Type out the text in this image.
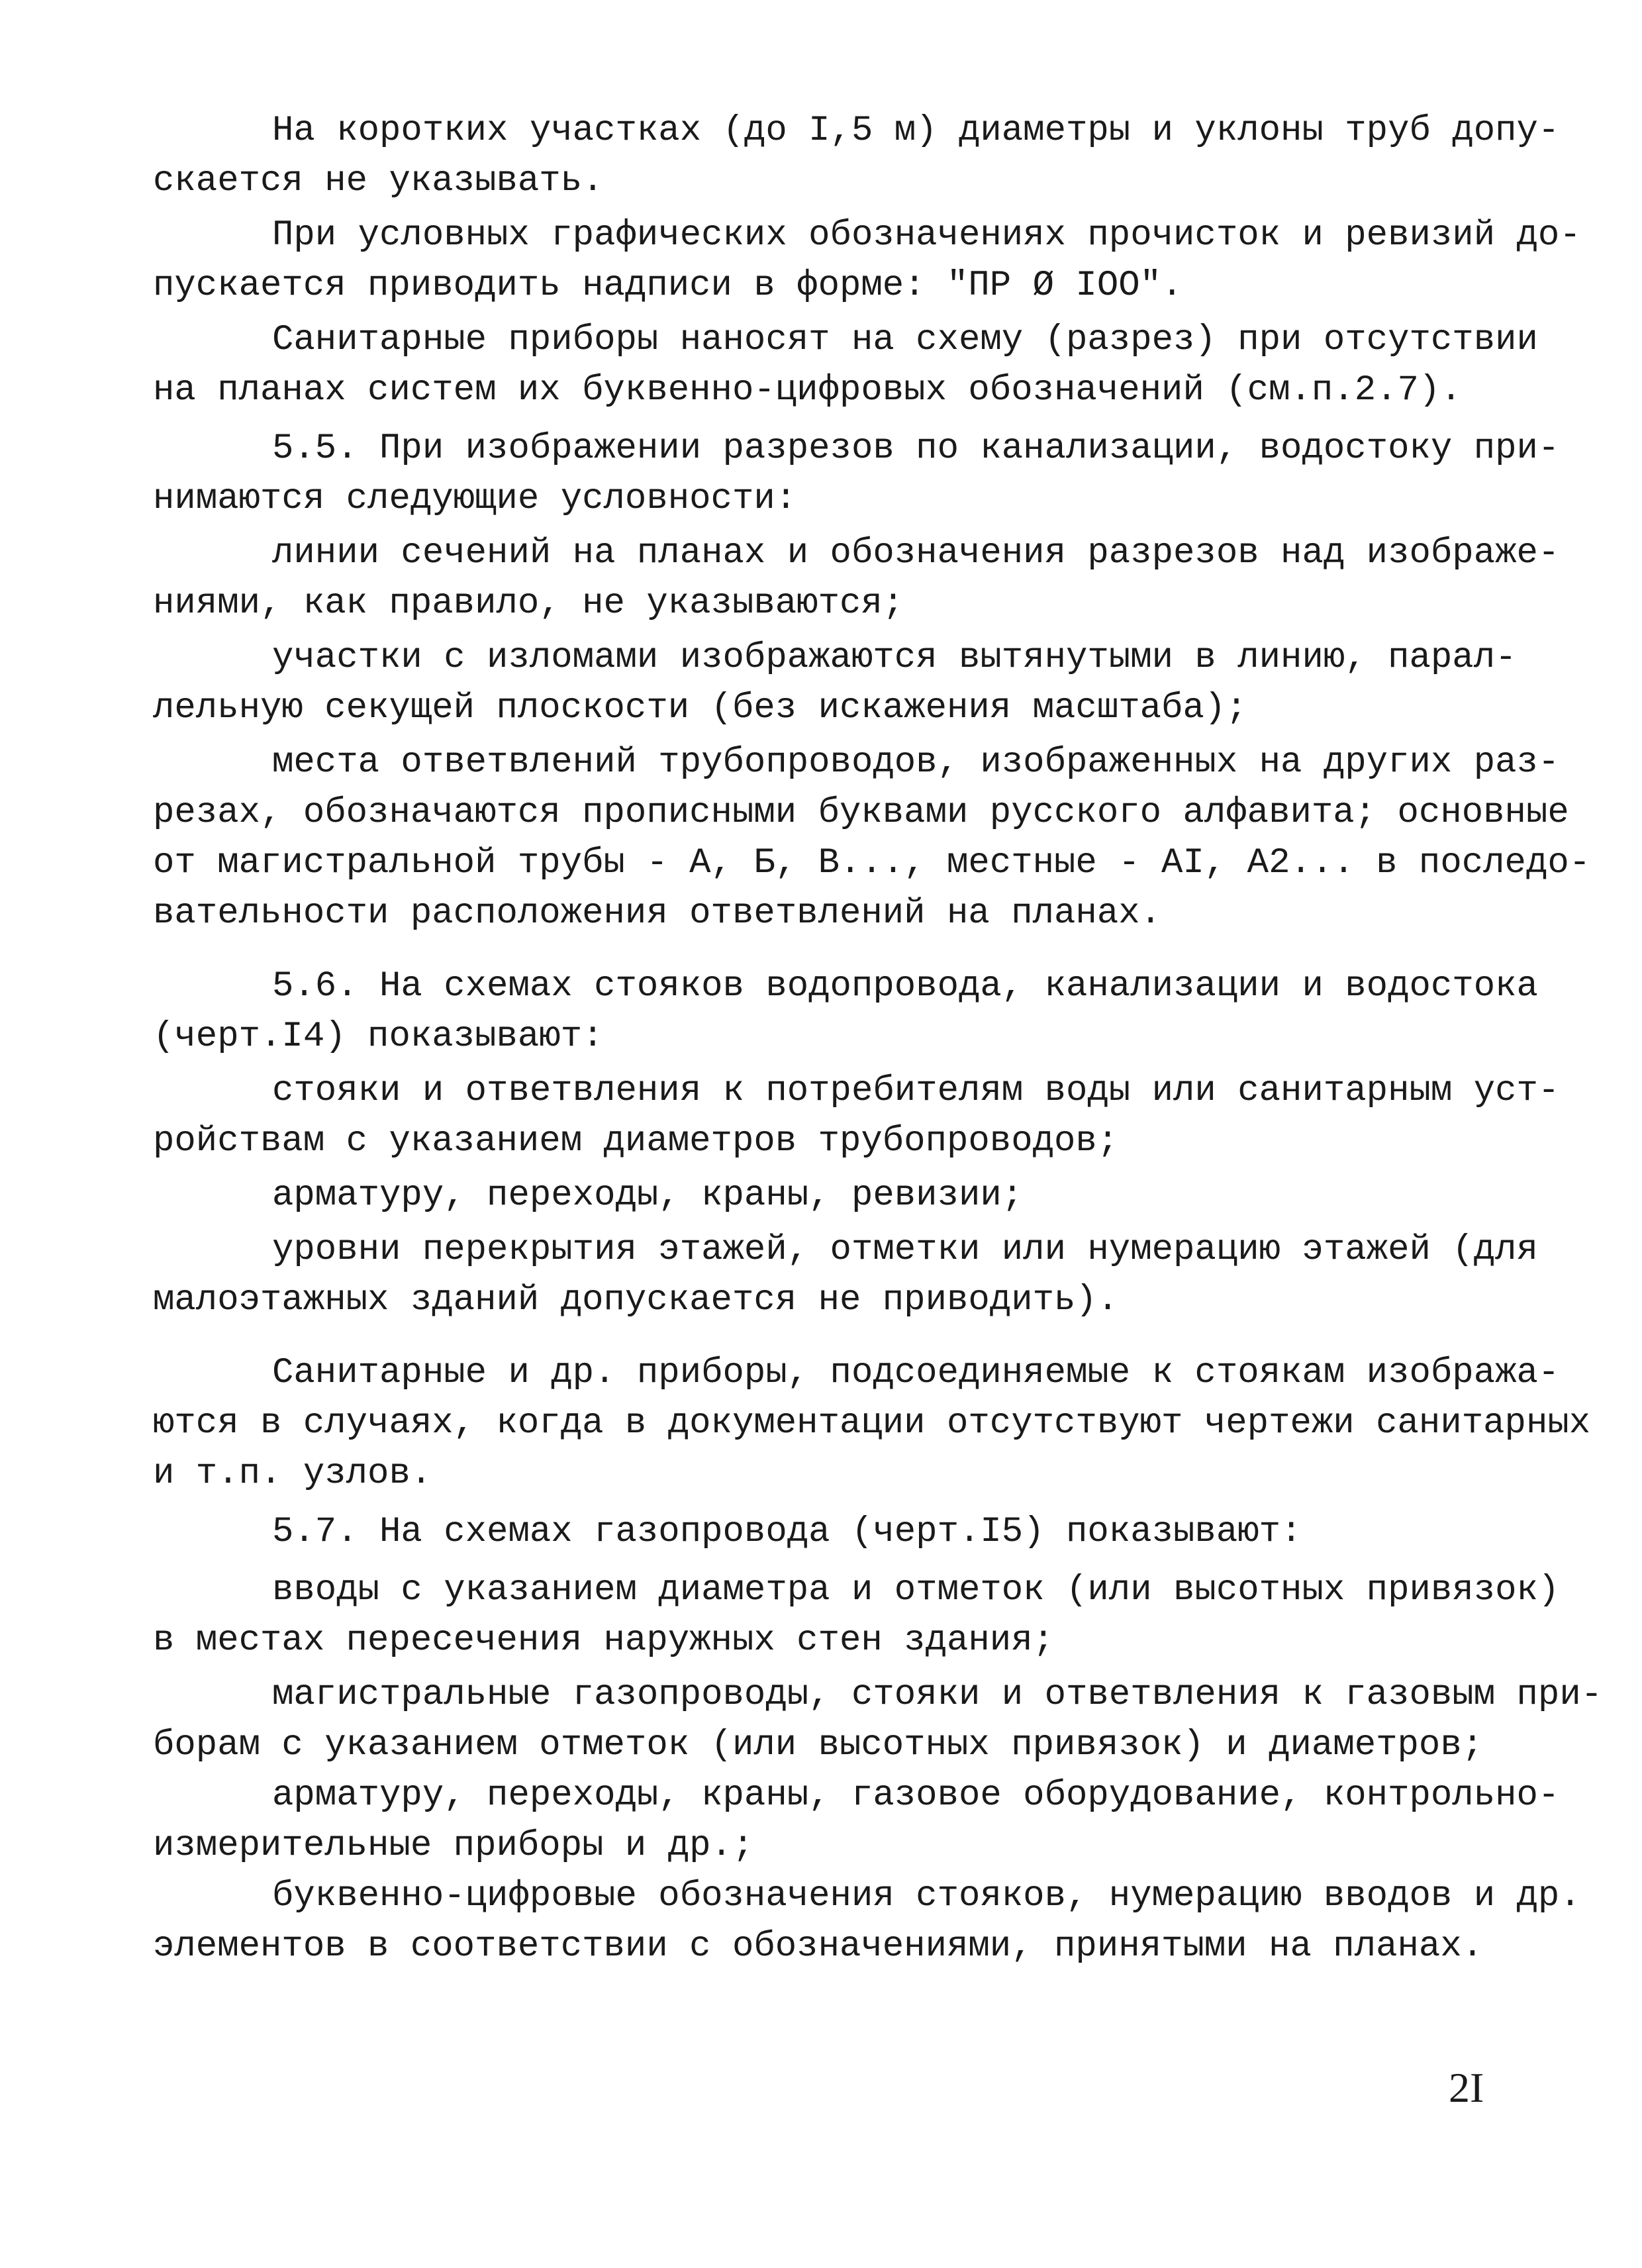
На коротких участках (до I,5 м) диаметры и уклоны труб допу-
скается не указывать.

При условных графических обозначениях прочисток и ревизий до-
пускается приводить надписи в форме: "ПР Ø IOO".

Санитарные приборы наносят на схему (разрез) при отсутствии
на планах систем их буквенно-цифровых обозначений (см.п.2.7).

5.5. При изображении разрезов по канализации, водостоку при-
нимаются следующие условности:

линии сечений на планах и обозначения разрезов над изображе-
ниями, как правило, не указываются;

участки с изломами изображаются вытянутыми в линию, парал-
лельную секущей плоскости (без искажения масштаба);

места ответвлений трубопроводов, изображенных на других раз-
резах, обозначаются прописными буквами русского алфавита; основные
от магистральной трубы - А, Б, В..., местные - АI, А2... в последо-
вательности расположения ответвлений на планах.

5.6. На схемах стояков водопровода, канализации и водостока
(черт.I4) показывают:

стояки и ответвления к потребителям воды или санитарным уст-
ройствам с указанием диаметров трубопроводов;

арматуру, переходы, краны, ревизии;

уровни перекрытия этажей, отметки или нумерацию этажей (для
малоэтажных зданий допускается не приводить).

Санитарные и др. приборы, подсоединяемые к стоякам изобража-
ются в случаях, когда в документации отсутствуют чертежи санитарных
и т.п. узлов.

5.7. На схемах газопровода (черт.I5) показывают:

вводы с указанием диаметра и отметок (или высотных привязок)
в местах пересечения наружных стен здания;

магистральные газопроводы, стояки и ответвления к газовым при-
борам с указанием отметок (или высотных привязок) и диаметров;

арматуру, переходы, краны, газовое оборудование, контрольно-
измерительные приборы и др.;

буквенно-цифровые обозначения стояков, нумерацию вводов и др.
элементов в соответствии с обозначениями, принятыми на планах.

2I
